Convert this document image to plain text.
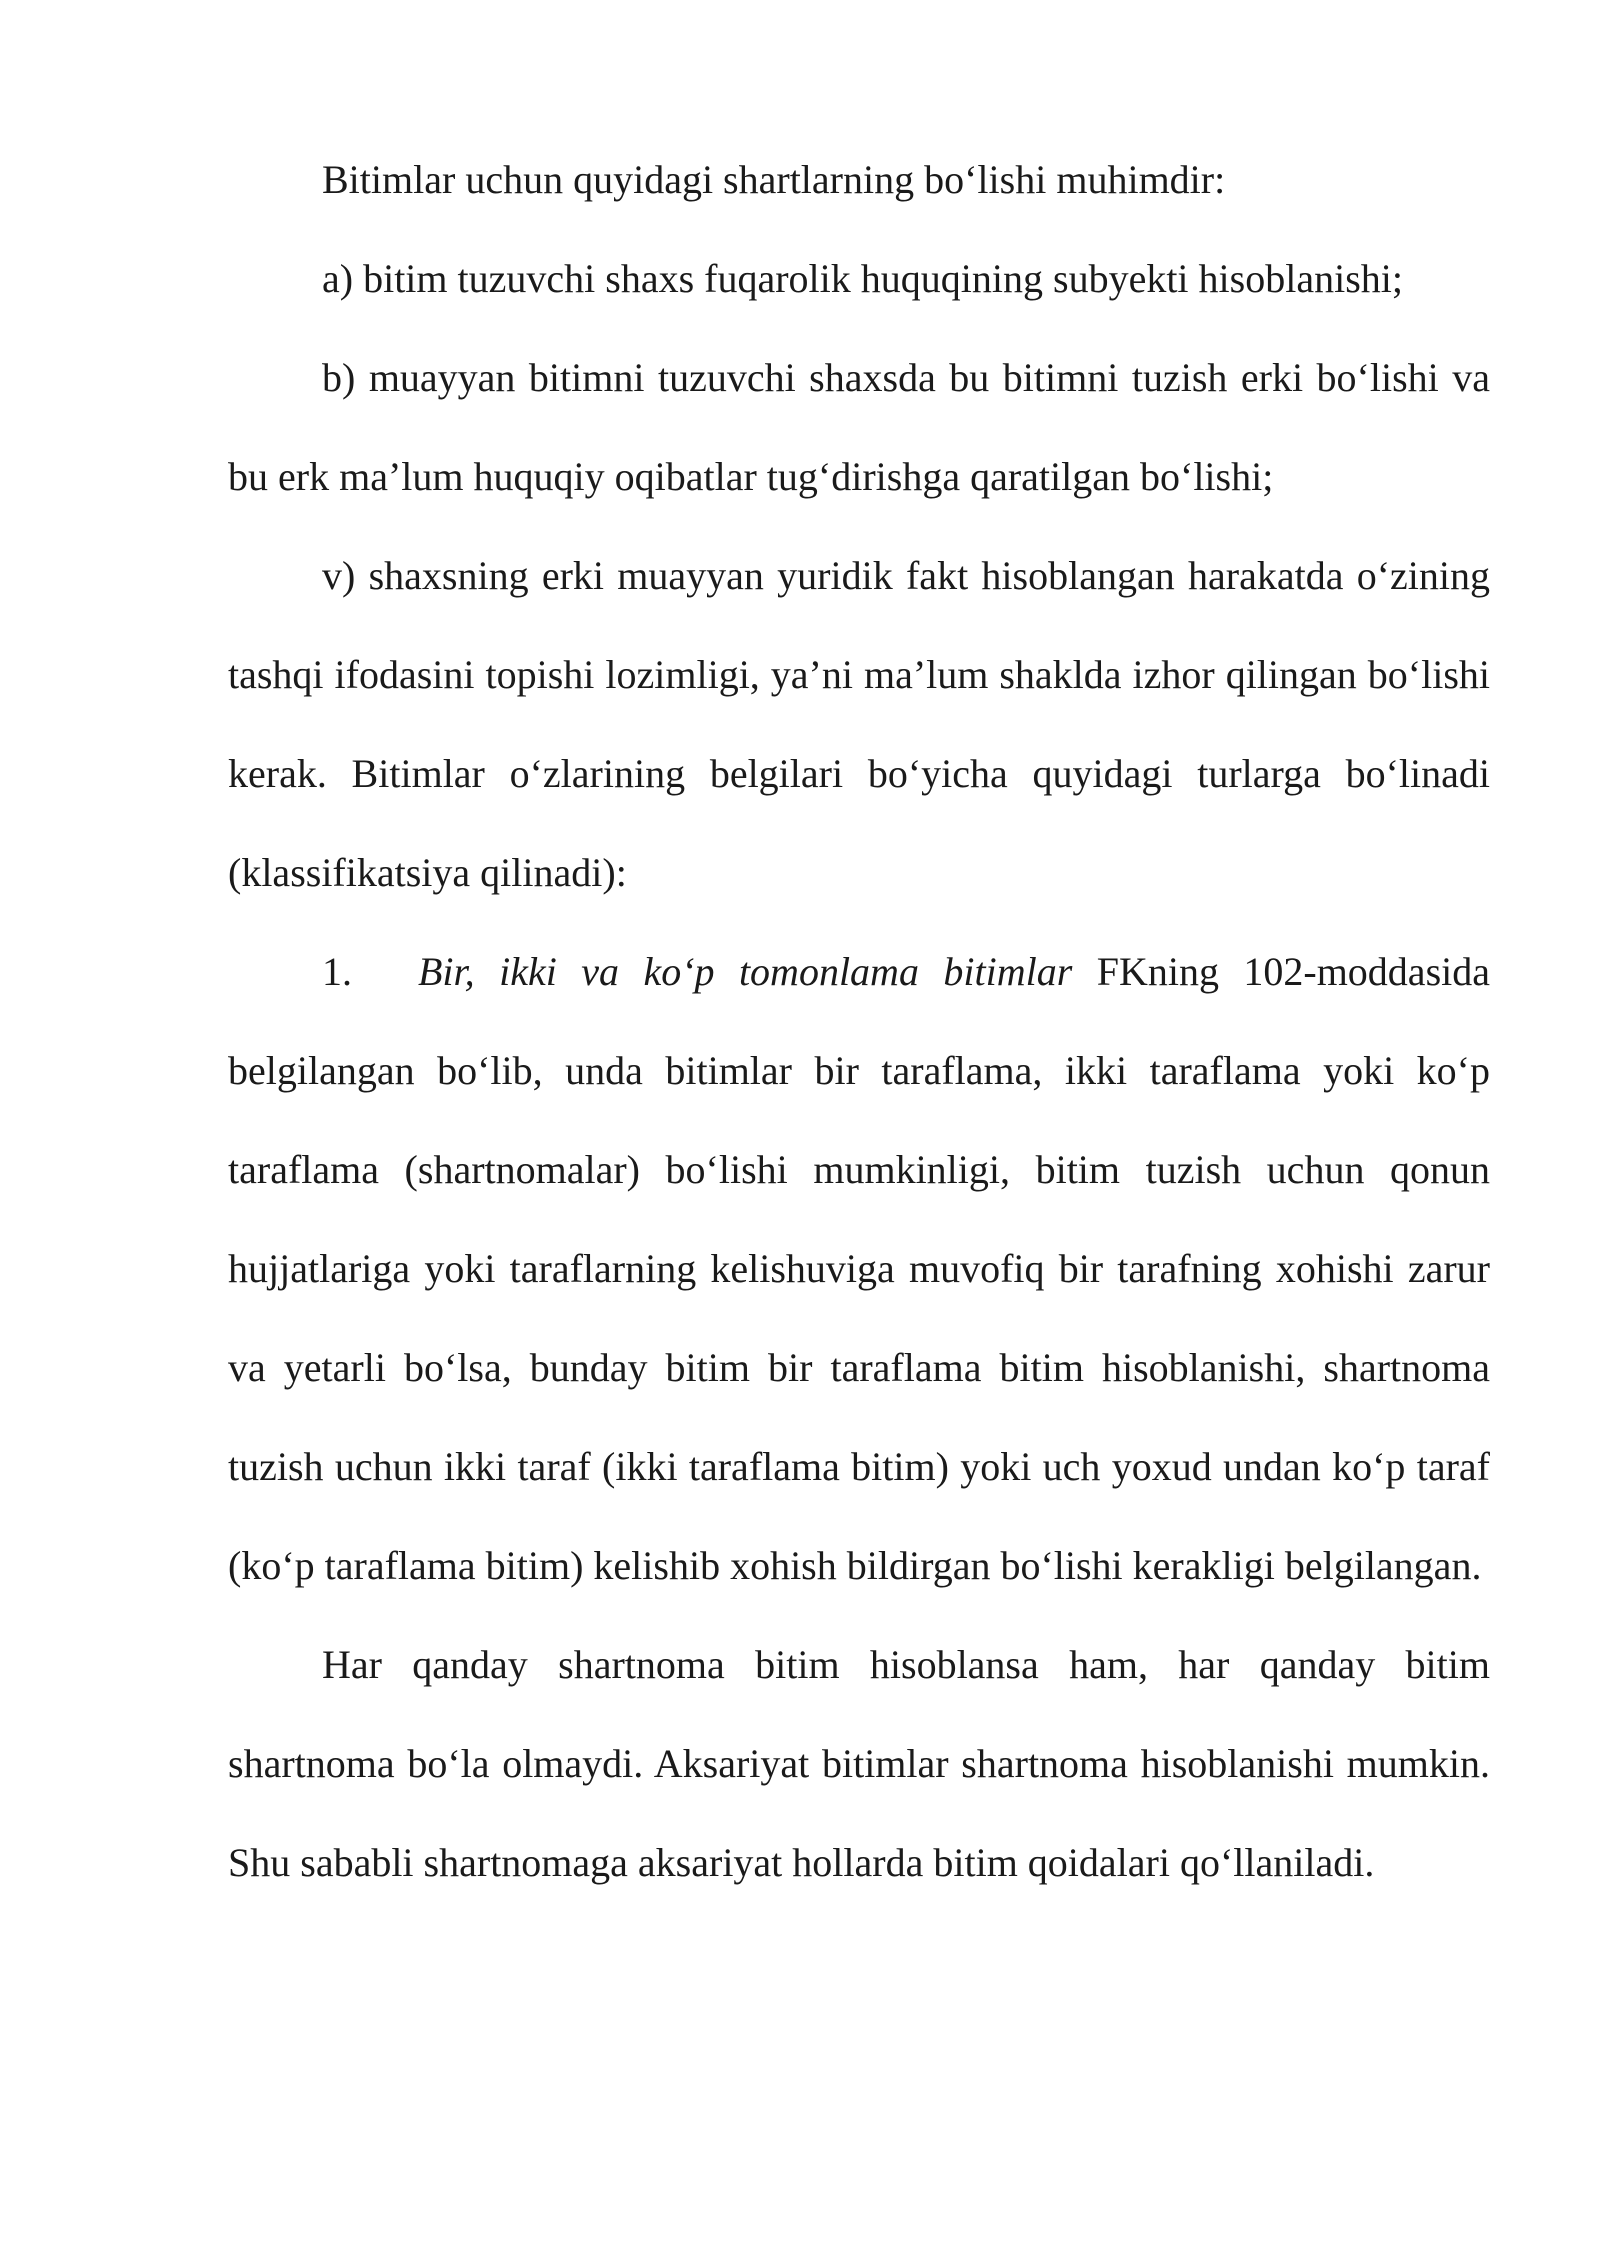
Bitimlar uchun quyidagi shartlarning bo‘lishi muhimdir:

a) bitim tuzuvchi shaxs fuqarolik huquqining subyekti hisoblanishi;

b) muayyan bitimni tuzuvchi shaxsda bu bitimni tuzish erki bo‘lishi va bu erk ma’lum huquqiy oqibatlar tug‘dirishga qaratilgan bo‘lishi;

v) shaxsning erki muayyan yuridik fakt hisoblangan harakatda o‘zining tashqi ifodasini topishi lozimligi, ya’ni ma’lum shaklda izhor qilingan bo‘lishi kerak. Bitimlar o‘zlarining belgilari bo‘yicha quyidagi turlarga bo‘linadi (klassifikatsiya qilinadi):

1. Bir, ikki va ko‘p tomonlama bitimlar FKning 102-moddasida belgilangan bo‘lib, unda bitimlar bir taraflama, ikki taraflama yoki ko‘p taraflama (shartnomalar) bo‘lishi mumkinligi, bitim tuzish uchun qonun hujjatlariga yoki taraflarning kelishuviga muvofiq bir tarafning xohishi zarur va yetarli bo‘lsa, bunday bitim bir taraflama bitim hisoblanishi, shartnoma tuzish uchun ikki taraf (ikki taraflama bitim) yoki uch yoxud undan ko‘p taraf (ko‘p taraflama bitim) kelishib xohish bildirgan bo‘lishi kerakligi belgilangan.

Har qanday shartnoma bitim hisoblansa ham, har qanday bitim shartnoma bo‘la olmaydi. Aksariyat bitimlar shartnoma hisoblanishi mumkin. Shu sababli shartnomaga aksariyat hollarda bitim qoidalari qo‘llaniladi.
